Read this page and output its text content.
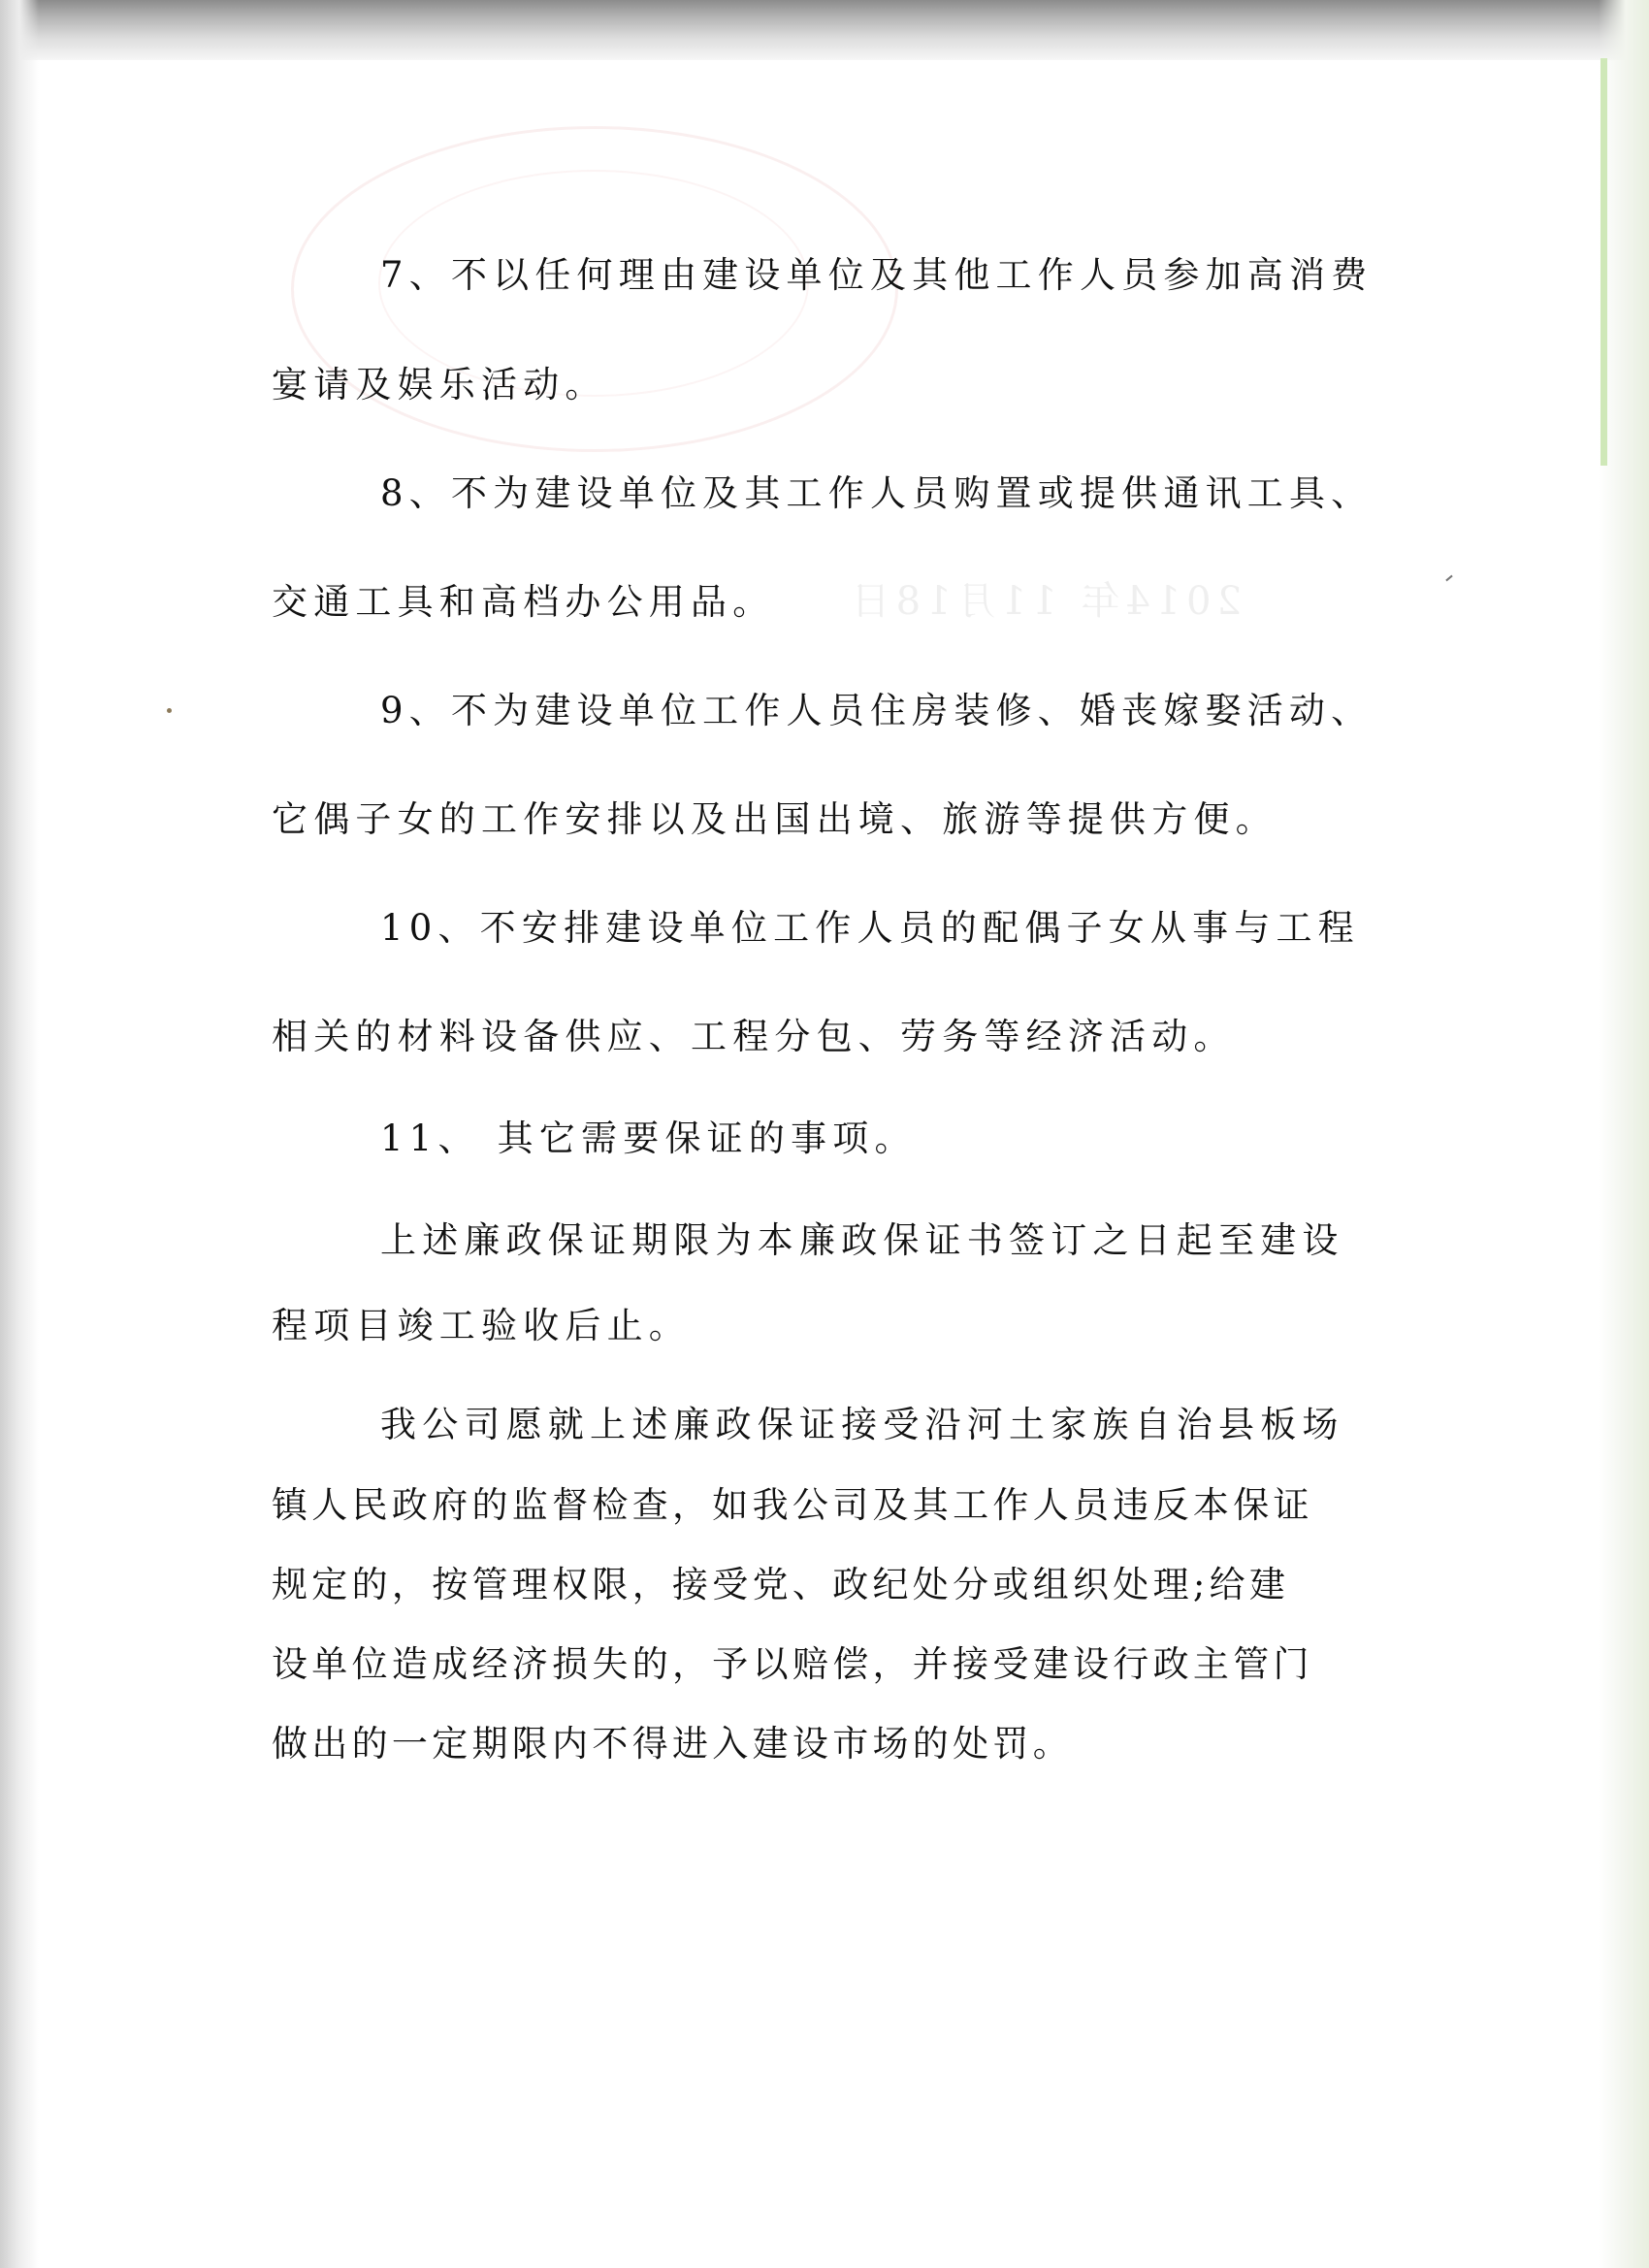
2014年 11月18日
7、不以任何理由建设单位及其他工作人员参加高消费
宴请及娱乐活动。
8、不为建设单位及其工作人员购置或提供通讯工具、
交通工具和高档办公用品。
9、不为建设单位工作人员住房装修、婚丧嫁娶活动、
它偶子女的工作安排以及出国出境、旅游等提供方便。
10、不安排建设单位工作人员的配偶子女从事与工程
相关的材料设备供应、工程分包、劳务等经济活动。
11、 其它需要保证的事项。
上述廉政保证期限为本廉政保证书签订之日起至建设
程项目竣工验收后止。
我公司愿就上述廉政保证接受沿河土家族自治县板场
镇人民政府的监督检查，如我公司及其工作人员违反本保证
规定的，按管理权限，接受党、政纪处分或组织处理;给建
设单位造成经济损失的，予以赔偿，并接受建设行政主管门
做出的一定期限内不得进入建设市场的处罚。
